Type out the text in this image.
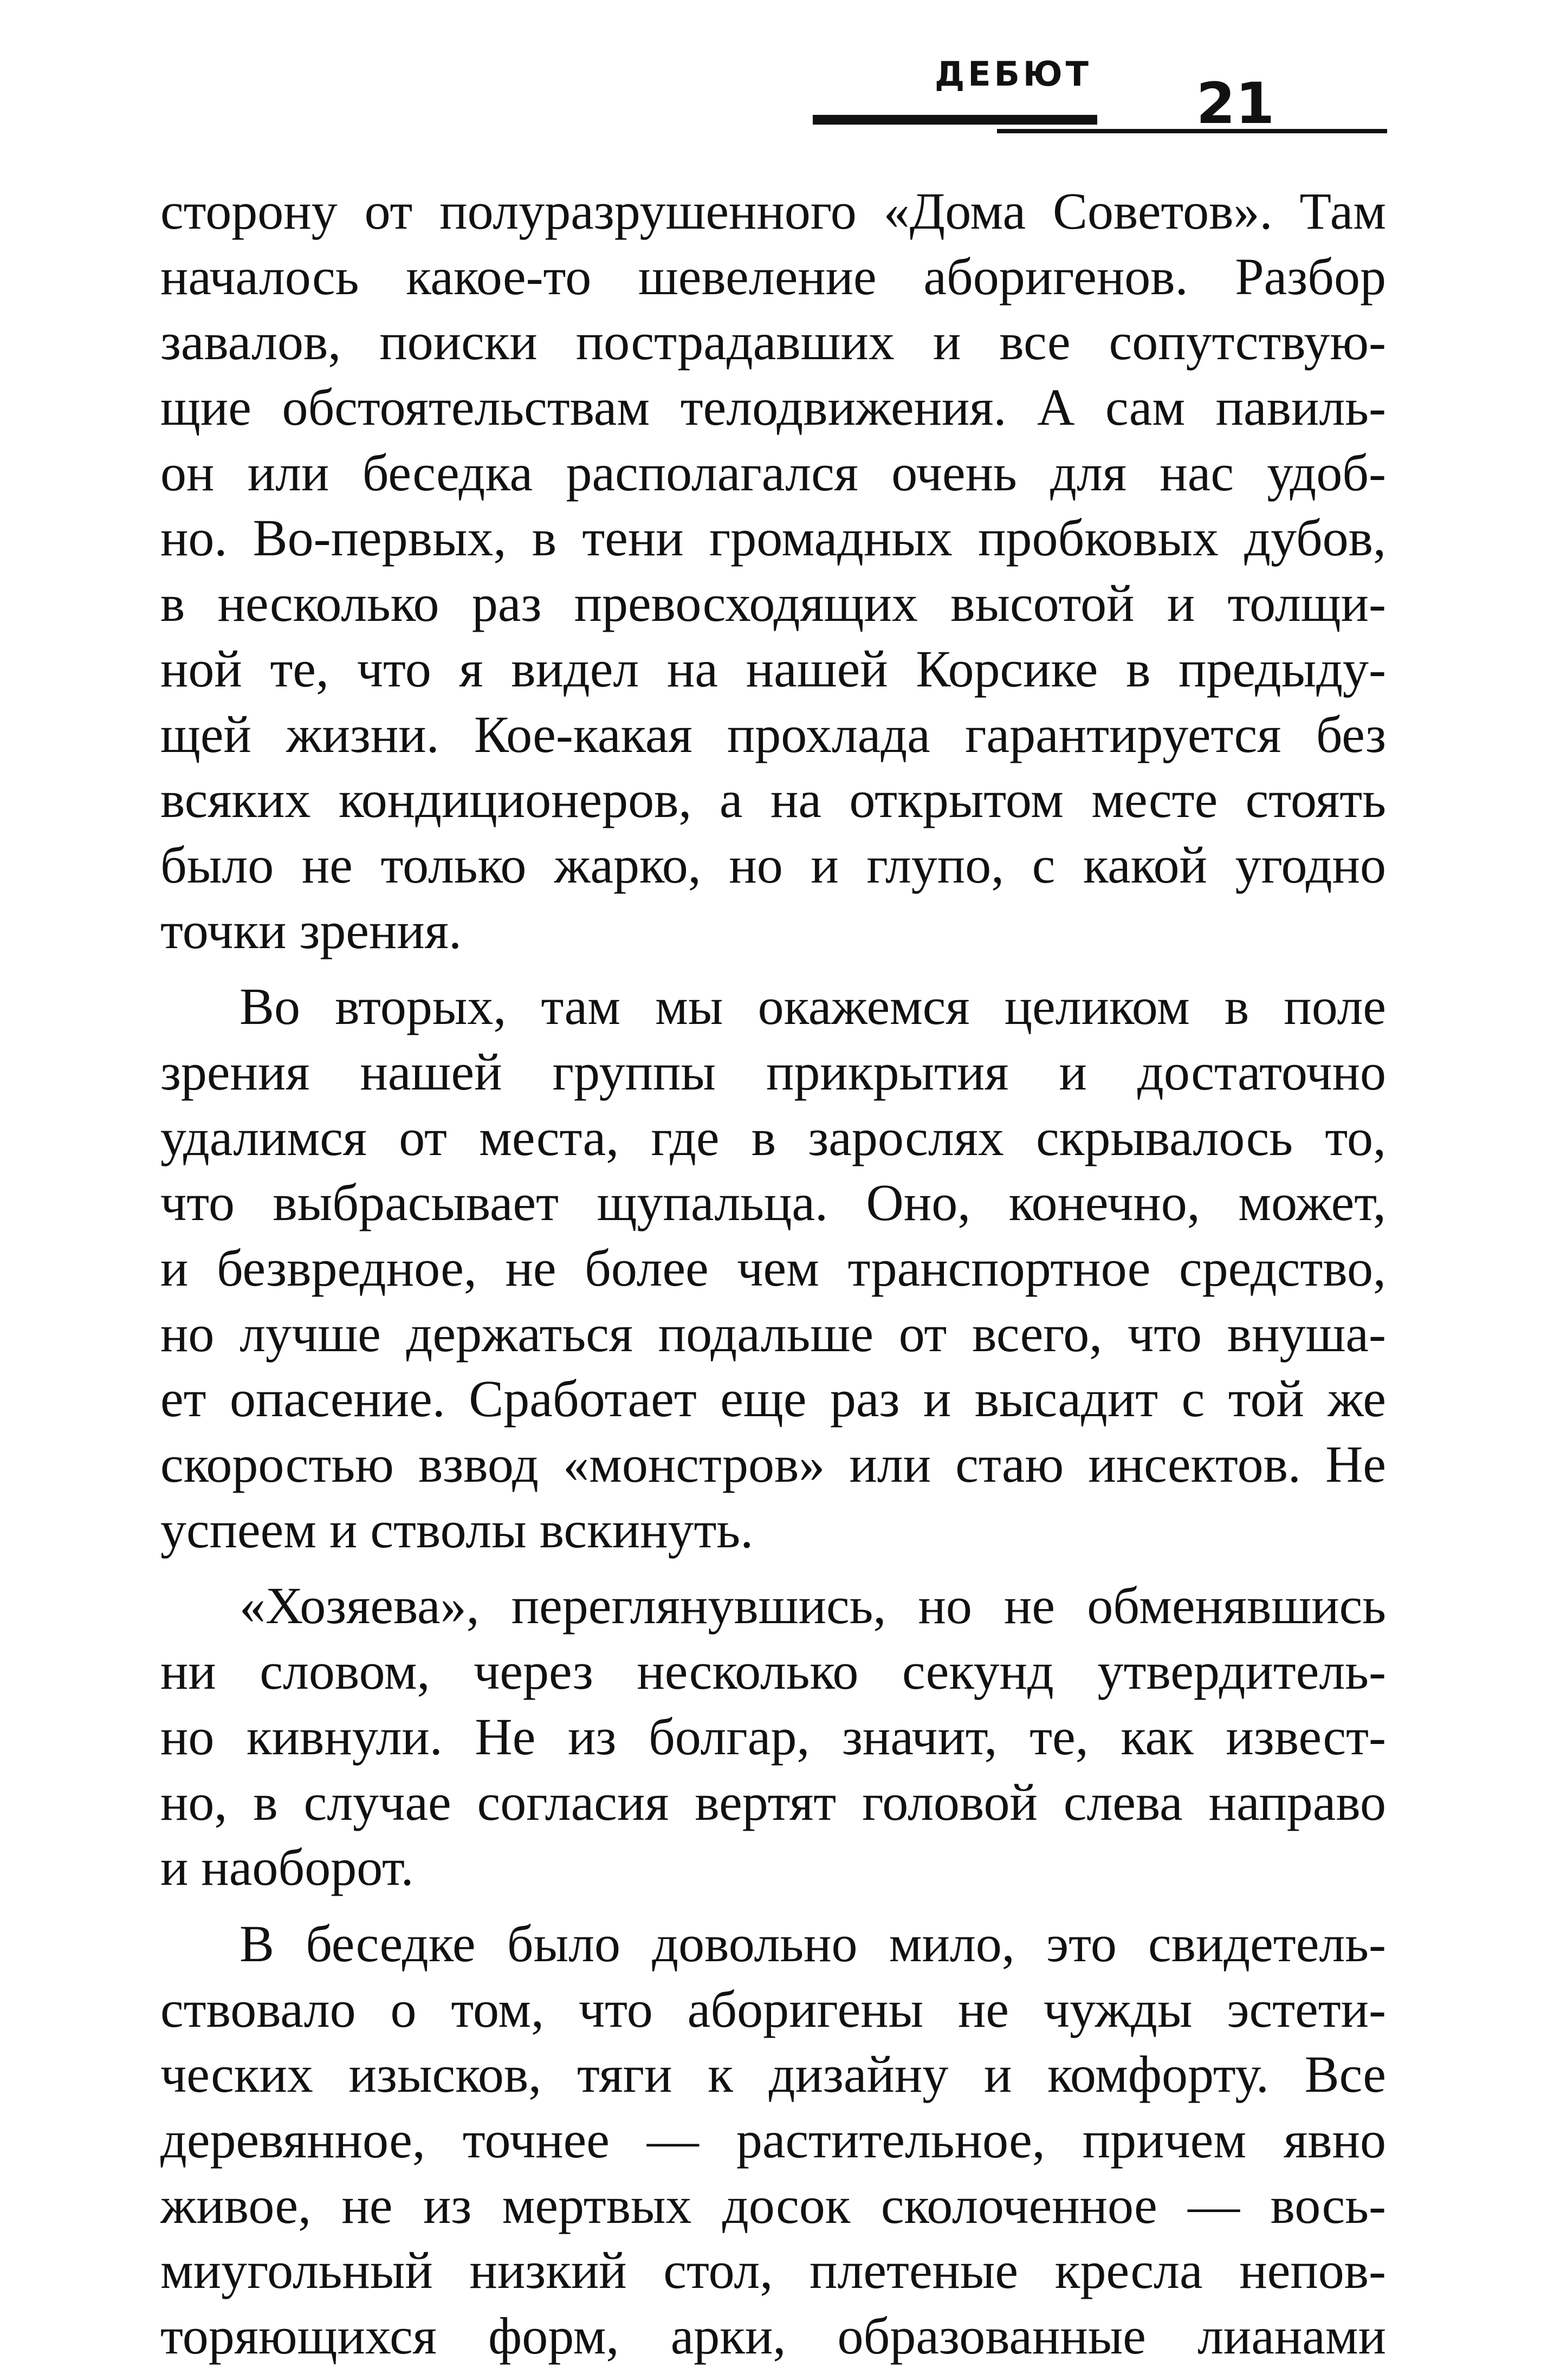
ДЕБЮТ 21
сторону от полуразрушенного «Дома Советов». Там
началось какое-то шевеление аборигенов. Разбор
завалов, поиски пострадавших и все сопутствую-
щие обстоятельствам телодвижения. А сам павиль-
он или беседка располагался очень для нас удоб-
но. Во-первых, в тени громадных пробковых дубов,
в несколько раз превосходящих высотой и толщи-
ной те, что я видел на нашей Корсике в предыду-
щей жизни. Кое-какая прохлада гарантируется без
всяких кондиционеров, а на открытом месте стоять
было не только жарко, но и глупо, с какой угодно
точки зрения.
Во вторых, там мы окажемся целиком в поле
зрения нашей группы прикрытия и достаточно
удалимся от места, где в зарослях скрывалось то,
что выбрасывает щупальца. Оно, конечно, может,
и безвредное, не более чем транспортное средство,
но лучше держаться подальше от всего, что внуша-
ет опасение. Сработает еще раз и высадит с той же
скоростью взвод «монстров» или стаю инсектов. Не
успеем и стволы вскинуть.
«Хозяева», переглянувшись, но не обменявшись
ни словом, через несколько секунд утвердитель-
но кивнули. Не из болгар, значит, те, как извест-
но, в случае согласия вертят головой слева направо
и наоборот.
В беседке было довольно мило, это свидетель-
ствовало о том, что аборигены не чужды эстети-
ческих изысков, тяги к дизайну и комфорту. Все
деревянное, точнее — растительное, причем явно
живое, не из мертвых досок сколоченное — вось-
миугольный низкий стол, плетеные кресла непов-
торяющихся форм, арки, образованные лианами
